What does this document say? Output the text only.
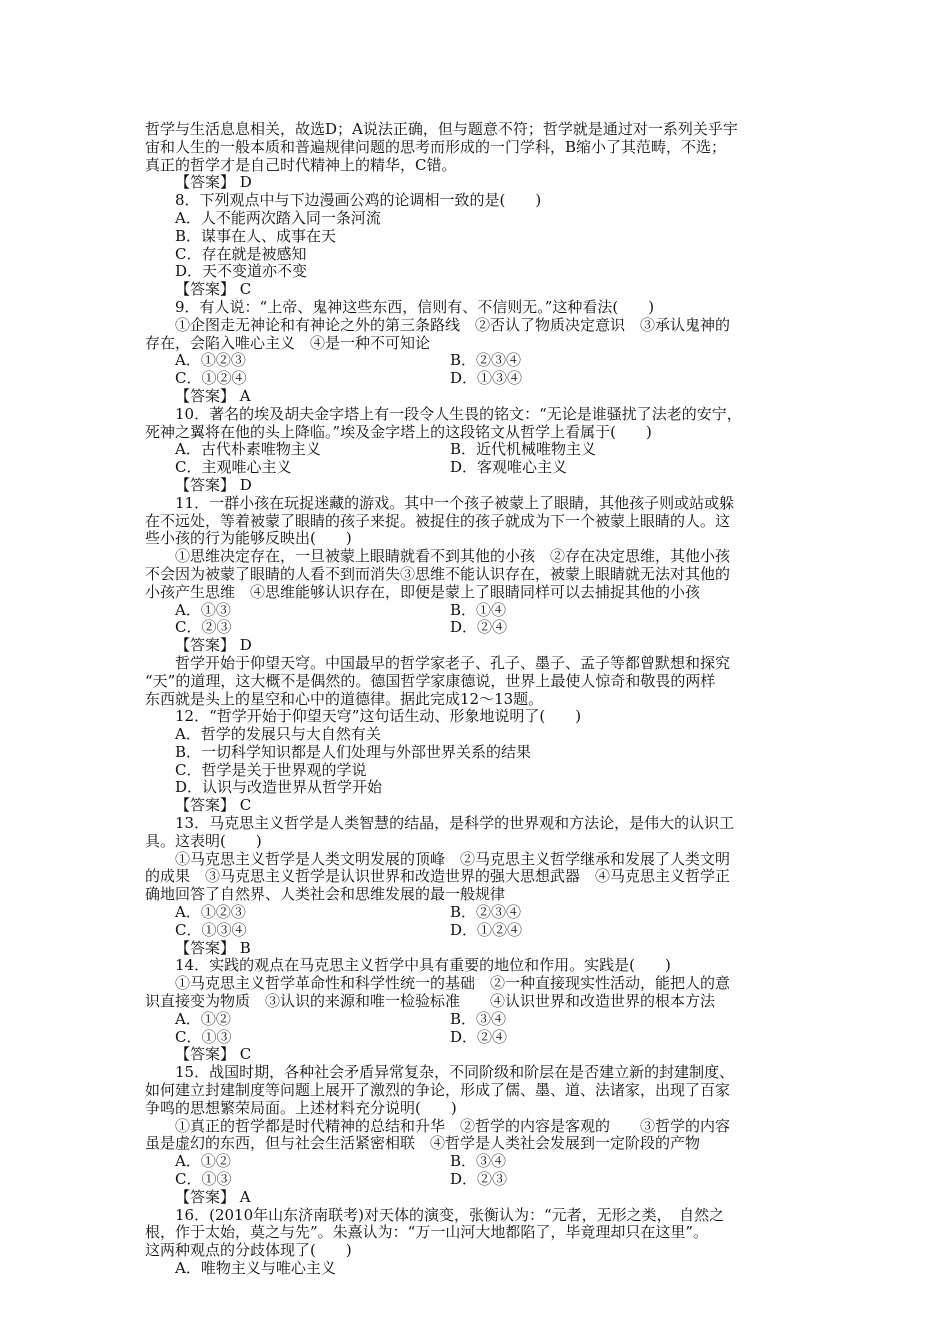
哲学与生活息息相关，故选D；A说法正确，但与题意不符；哲学就是通过对一系列关乎宇
宙和人生的一般本质和普遍规律问题的思考而形成的一门学科，B缩小了其范畴，不选；
真正的哲学才是自己时代精神上的精华，C错。
【答案】 D
8．下列观点中与下边漫画公鸡的论调相一致的是(　　)
A．人不能两次踏入同一条河流
B．谋事在人、成事在天
C．存在就是被感知
D．天不变道亦不变
【答案】 C
9．有人说：“上帝、鬼神这些东西，信则有、不信则无。”这种看法(　　)
①企图走无神论和有神论之外的第三条路线　②否认了物质决定意识　③承认鬼神的
存在，会陷入唯心主义　④是一种不可知论
A．①②③	B．②③④
C．①②④	D．①③④
【答案】 A
10．著名的埃及胡夫金字塔上有一段令人生畏的铭文：“无论是谁骚扰了法老的安宁，
死神之翼将在他的头上降临。”埃及金字塔上的这段铭文从哲学上看属于(　　)
A．古代朴素唯物主义	B．近代机械唯物主义
C．主观唯心主义	D．客观唯心主义
【答案】 D
11．一群小孩在玩捉迷藏的游戏。其中一个孩子被蒙上了眼睛，其他孩子则或站或躲
在不远处，等着被蒙了眼睛的孩子来捉。被捉住的孩子就成为下一个被蒙上眼睛的人。这
些小孩的行为能够反映出(　　)
①思维决定存在，一旦被蒙上眼睛就看不到其他的小孩　②存在决定思维，其他小孩
不会因为被蒙了眼睛的人看不到而消失③思维不能认识存在，被蒙上眼睛就无法对其他的
小孩产生思维　④思维能够认识存在，即便是蒙上了眼睛同样可以去捕捉其他的小孩
A．①③	B．①④
C．②③	D．②④
【答案】 D
哲学开始于仰望天穹。中国最早的哲学家老子、孔子、墨子、孟子等都曾默想和探究
“天”的道理，这大概不是偶然的。德国哲学家康德说，世界上最使人惊奇和敬畏的两样
东西就是头上的星空和心中的道德律。据此完成12～13题。
12．“哲学开始于仰望天穹”这句话生动、形象地说明了(　　)
A．哲学的发展只与大自然有关
B．一切科学知识都是人们处理与外部世界关系的结果
C．哲学是关于世界观的学说
D．认识与改造世界从哲学开始
【答案】 C
13．马克思主义哲学是人类智慧的结晶，是科学的世界观和方法论，是伟大的认识工
具。这表明(　　)
①马克思主义哲学是人类文明发展的顶峰　②马克思主义哲学继承和发展了人类文明
的成果　③马克思主义哲学是认识世界和改造世界的强大思想武器　④马克思主义哲学正
确地回答了自然界、人类社会和思维发展的最一般规律
A．①②③	B．②③④
C．①③④	D．①②④
【答案】 B
14．实践的观点在马克思主义哲学中具有重要的地位和作用。实践是(　　)
①马克思主义哲学革命性和科学性统一的基础　②一种直接现实性活动，能把人的意
识直接变为物质　③认识的来源和唯一检验标准　　④认识世界和改造世界的根本方法
A．①②	B．③④
C．①③	D．②④
【答案】 C
15．战国时期，各种社会矛盾异常复杂，不同阶级和阶层在是否建立新的封建制度、
如何建立封建制度等问题上展开了激烈的争论，形成了儒、墨、道、法诸家，出现了百家
争鸣的思想繁荣局面。上述材料充分说明(　　)
①真正的哲学都是时代精神的总结和升华　②哲学的内容是客观的　　③哲学的内容
虽是虚幻的东西，但与社会生活紧密相联　④哲学是人类社会发展到一定阶段的产物
A．①②	B．③④
C．①③	D．②③
【答案】 A
16．(2010年山东济南联考)对天体的演变，张衡认为：“元者，无形之类，　自然之
根，作于太始，莫之与先”。朱熹认为：“万一山河大地都陷了，毕竟理却只在这里”。
这两种观点的分歧体现了(　　)
A．唯物主义与唯心主义
